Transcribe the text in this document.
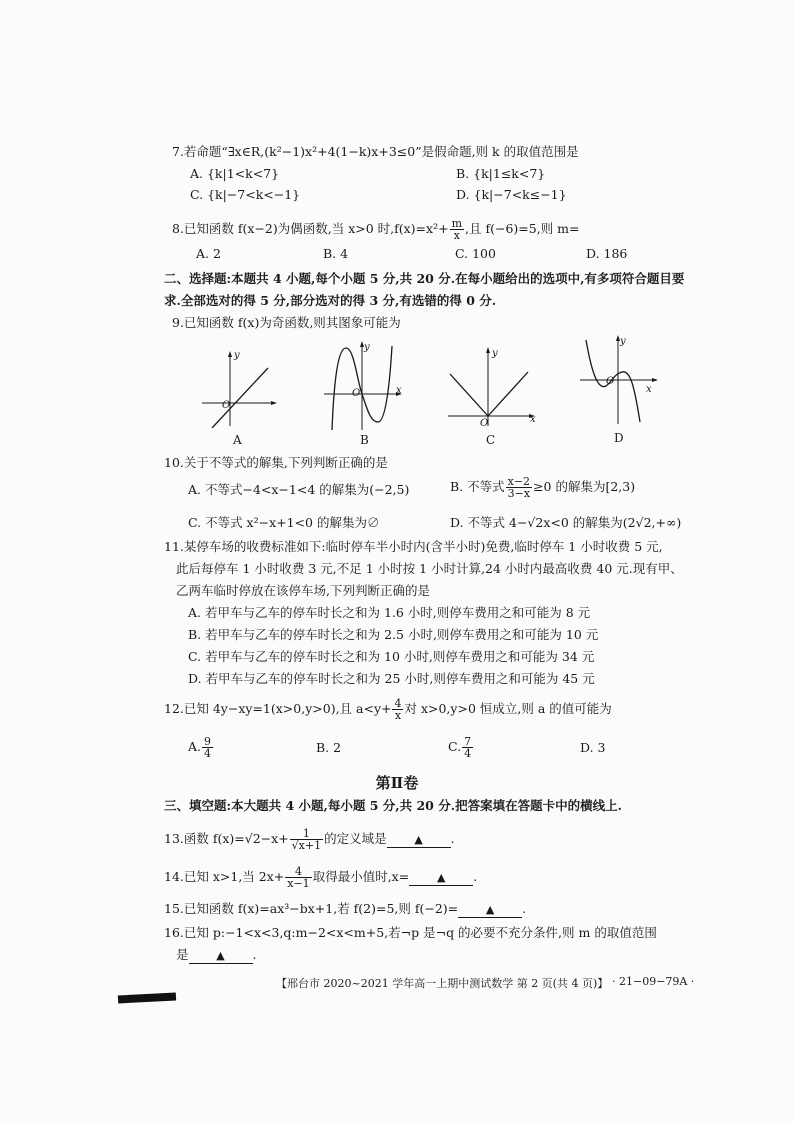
7.若命题“∃x∈R,(k²−1)x²+4(1−k)x+3≤0”是假命题,则 k 的取值范围是
A. {k|1<k<7}	B. {k|1≤k<7}
C. {k|−7<k<−1}	D. {k|−7<k≤−1}
8.已知函数 f(x−2)为偶函数,当 x>0 时$,f(x)=x^2+ \frac{m}{x}$ ,且 f(−6)=5,则 m=
A. 2	B. 4	C. 100	D. 186
二、选择题:本题共 4 小题,每个小题 5 分,共 20 分.在每小题给出的选项中,有多项符合题目要
求.全部选对的得 5 分,部分选对的得 3 分,有选错的得 0 分.
9.已知函数 f(x)为奇函数,则其图象可能为
y
O
A
y
x
O
B
y
x
O
C
y
x
O
D
10.关于不等式的解集,下列判断正确的是
A. 不等式−4<x−1<4 的解集为(−2,5)	B. 不等式 $\frac{x-2}{3-x} \ge 0$ 的解集为[2,3)
C. 不等式 x²−x+1<0 的解集为∅	D. 不等式 4−√2x<0 的解集为(2√2,+∞)
11.某停车场的收费标准如下:临时停车半小时内(含半小时)免费,临时停车 1 小时收费 5 元,
此后每停车 1 小时收费 3 元,不足 1 小时按 1 小时计算,24 小时内最高收费 40 元.现有甲、
乙两车临时停放在该停车场,下列判断正确的是
A. 若甲车与乙车的停车时长之和为 1.6 小时,则停车费用之和可能为 8 元
B. 若甲车与乙车的停车时长之和为 2.5 小时,则停车费用之和可能为 10 元
C. 若甲车与乙车的停车时长之和为 10 小时,则停车费用之和可能为 34 元
D. 若甲车与乙车的停车时长之和为 25 小时,则停车费用之和可能为 45 元
12.已知 4y−xy=1(x>0,y>0),且 $a<y+ \frac{4}{x}$ 对 x>0,y>0 恒成立,则 a 的值可能为
A. $\frac{9}{4}$	B. 2	C. $\frac{7}{4}$	D. 3
第Ⅱ卷
三、填空题:本大题共 4 小题,每小题 5 分,共 20 分.把答案填在答题卡中的横线上.
13.函数 $f(x)=√2-x+ \frac{1}{√x+1}$ 的定义域是	▲ .
14.已知 x>1,当 $2x+ \frac{4}{x-1}$ 取得最小值时,x=	▲ .
15.已知函数 f(x)=ax³−bx+1,若 f(2)=5,则 f(−2)=	▲ .
16.已知 p:−1<x<3,q:m−2<x<m+5,若¬p 是¬q 的必要不充分条件,则 m 的取值范围
是	▲ .
【邢台市 2020~2021 学年高一上期中测试数学 第 2 页(共 4 页)】 · 21−09−79A ·
